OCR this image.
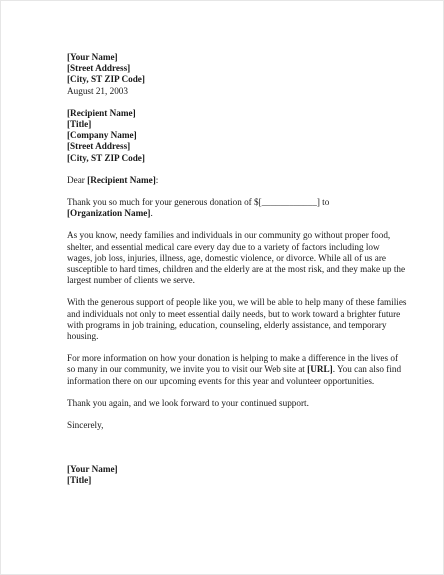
[Your Name]
[Street Address]
[City, ST ZIP Code]
August 21, 2003
[Recipient Name]
[Title]
[Company Name]
[Street Address]
[City, ST ZIP Code]

Dear [Recipient Name]:

Thank you so much for your generous donation of $[____________] to
[Organization Name].

As you know, needy families and individuals in our community go without proper food, shelter, and essential medical care every day due to a variety of factors including low wages, job loss, injuries, illness, age, domestic violence, or divorce. While all of us are susceptible to hard times, children and the elderly are at the most risk, and they make up the largest number of clients we serve.

With the generous support of people like you, we will be able to help many of these families and individuals not only to meet essential daily needs, but to work toward a brighter future with programs in job training, education, counseling, elderly assistance, and temporary housing.

For more information on how your donation is helping to make a difference in the lives of so many in our community, we invite you to visit our Web site at [URL]. You can also find information there on our upcoming events for this year and volunteer opportunities.

Thank you again, and we look forward to your continued support.

Sincerely,
[Your Name]
[Title]
